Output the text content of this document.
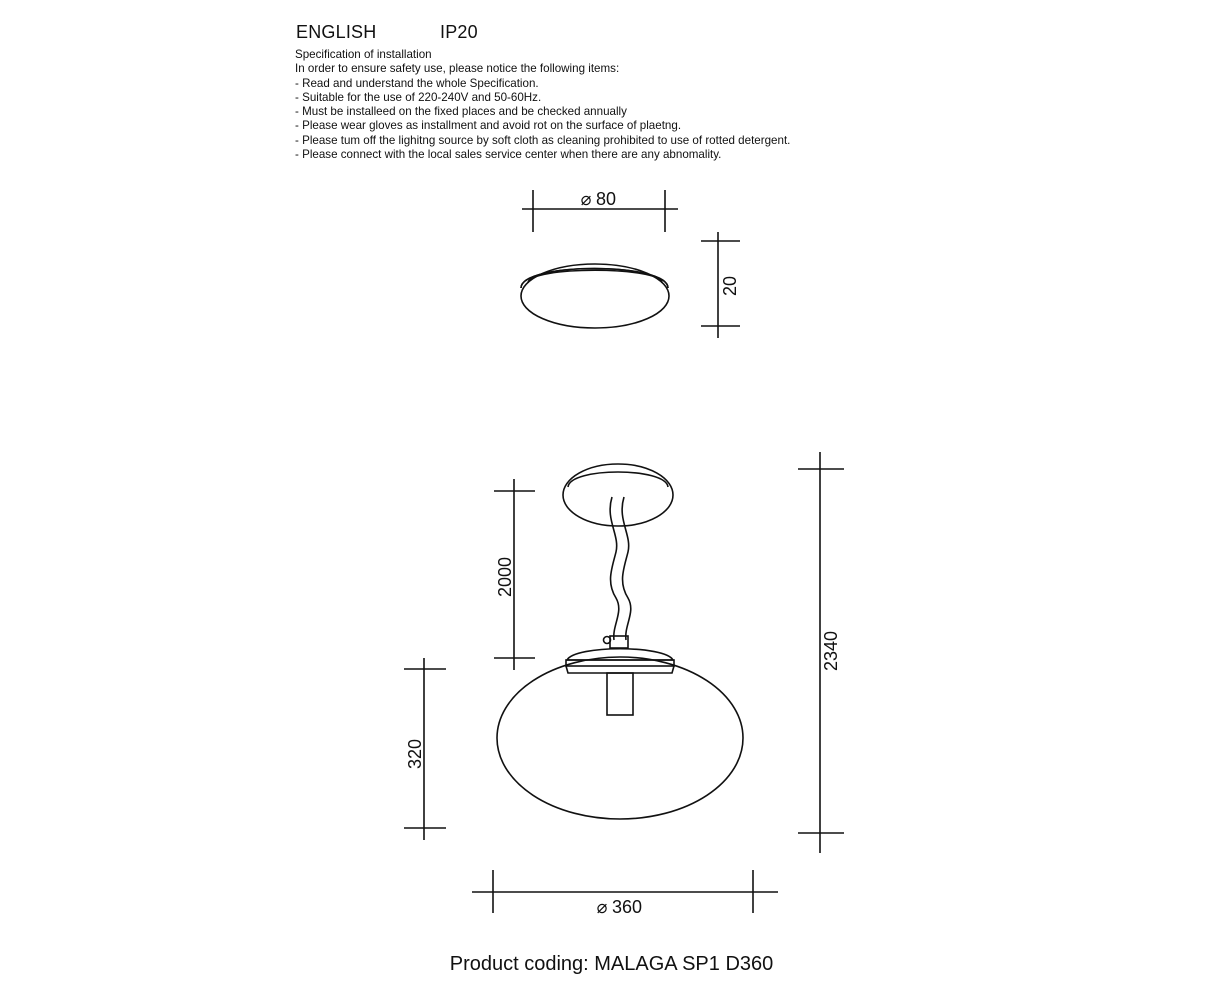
ENGLISH	IP20
Specification of installation
In order to ensure safety use, please notice the following items:
- Read and understand the whole Specification.
- Suitable for the use of 220-240V and 50-60Hz.
- Must be installeed on the fixed places and be checked annually
- Please wear gloves as installment and avoid rot on the surface of plaetng.
- Please tum off the lighitng source by soft cloth as cleaning prohibited to use of rotted detergent.
- Please connect with the local sales service center when there are any abnomality.
⌀ 80
20
2000
320
2340
⌀ 360
Product coding: MALAGA SP1 D360
